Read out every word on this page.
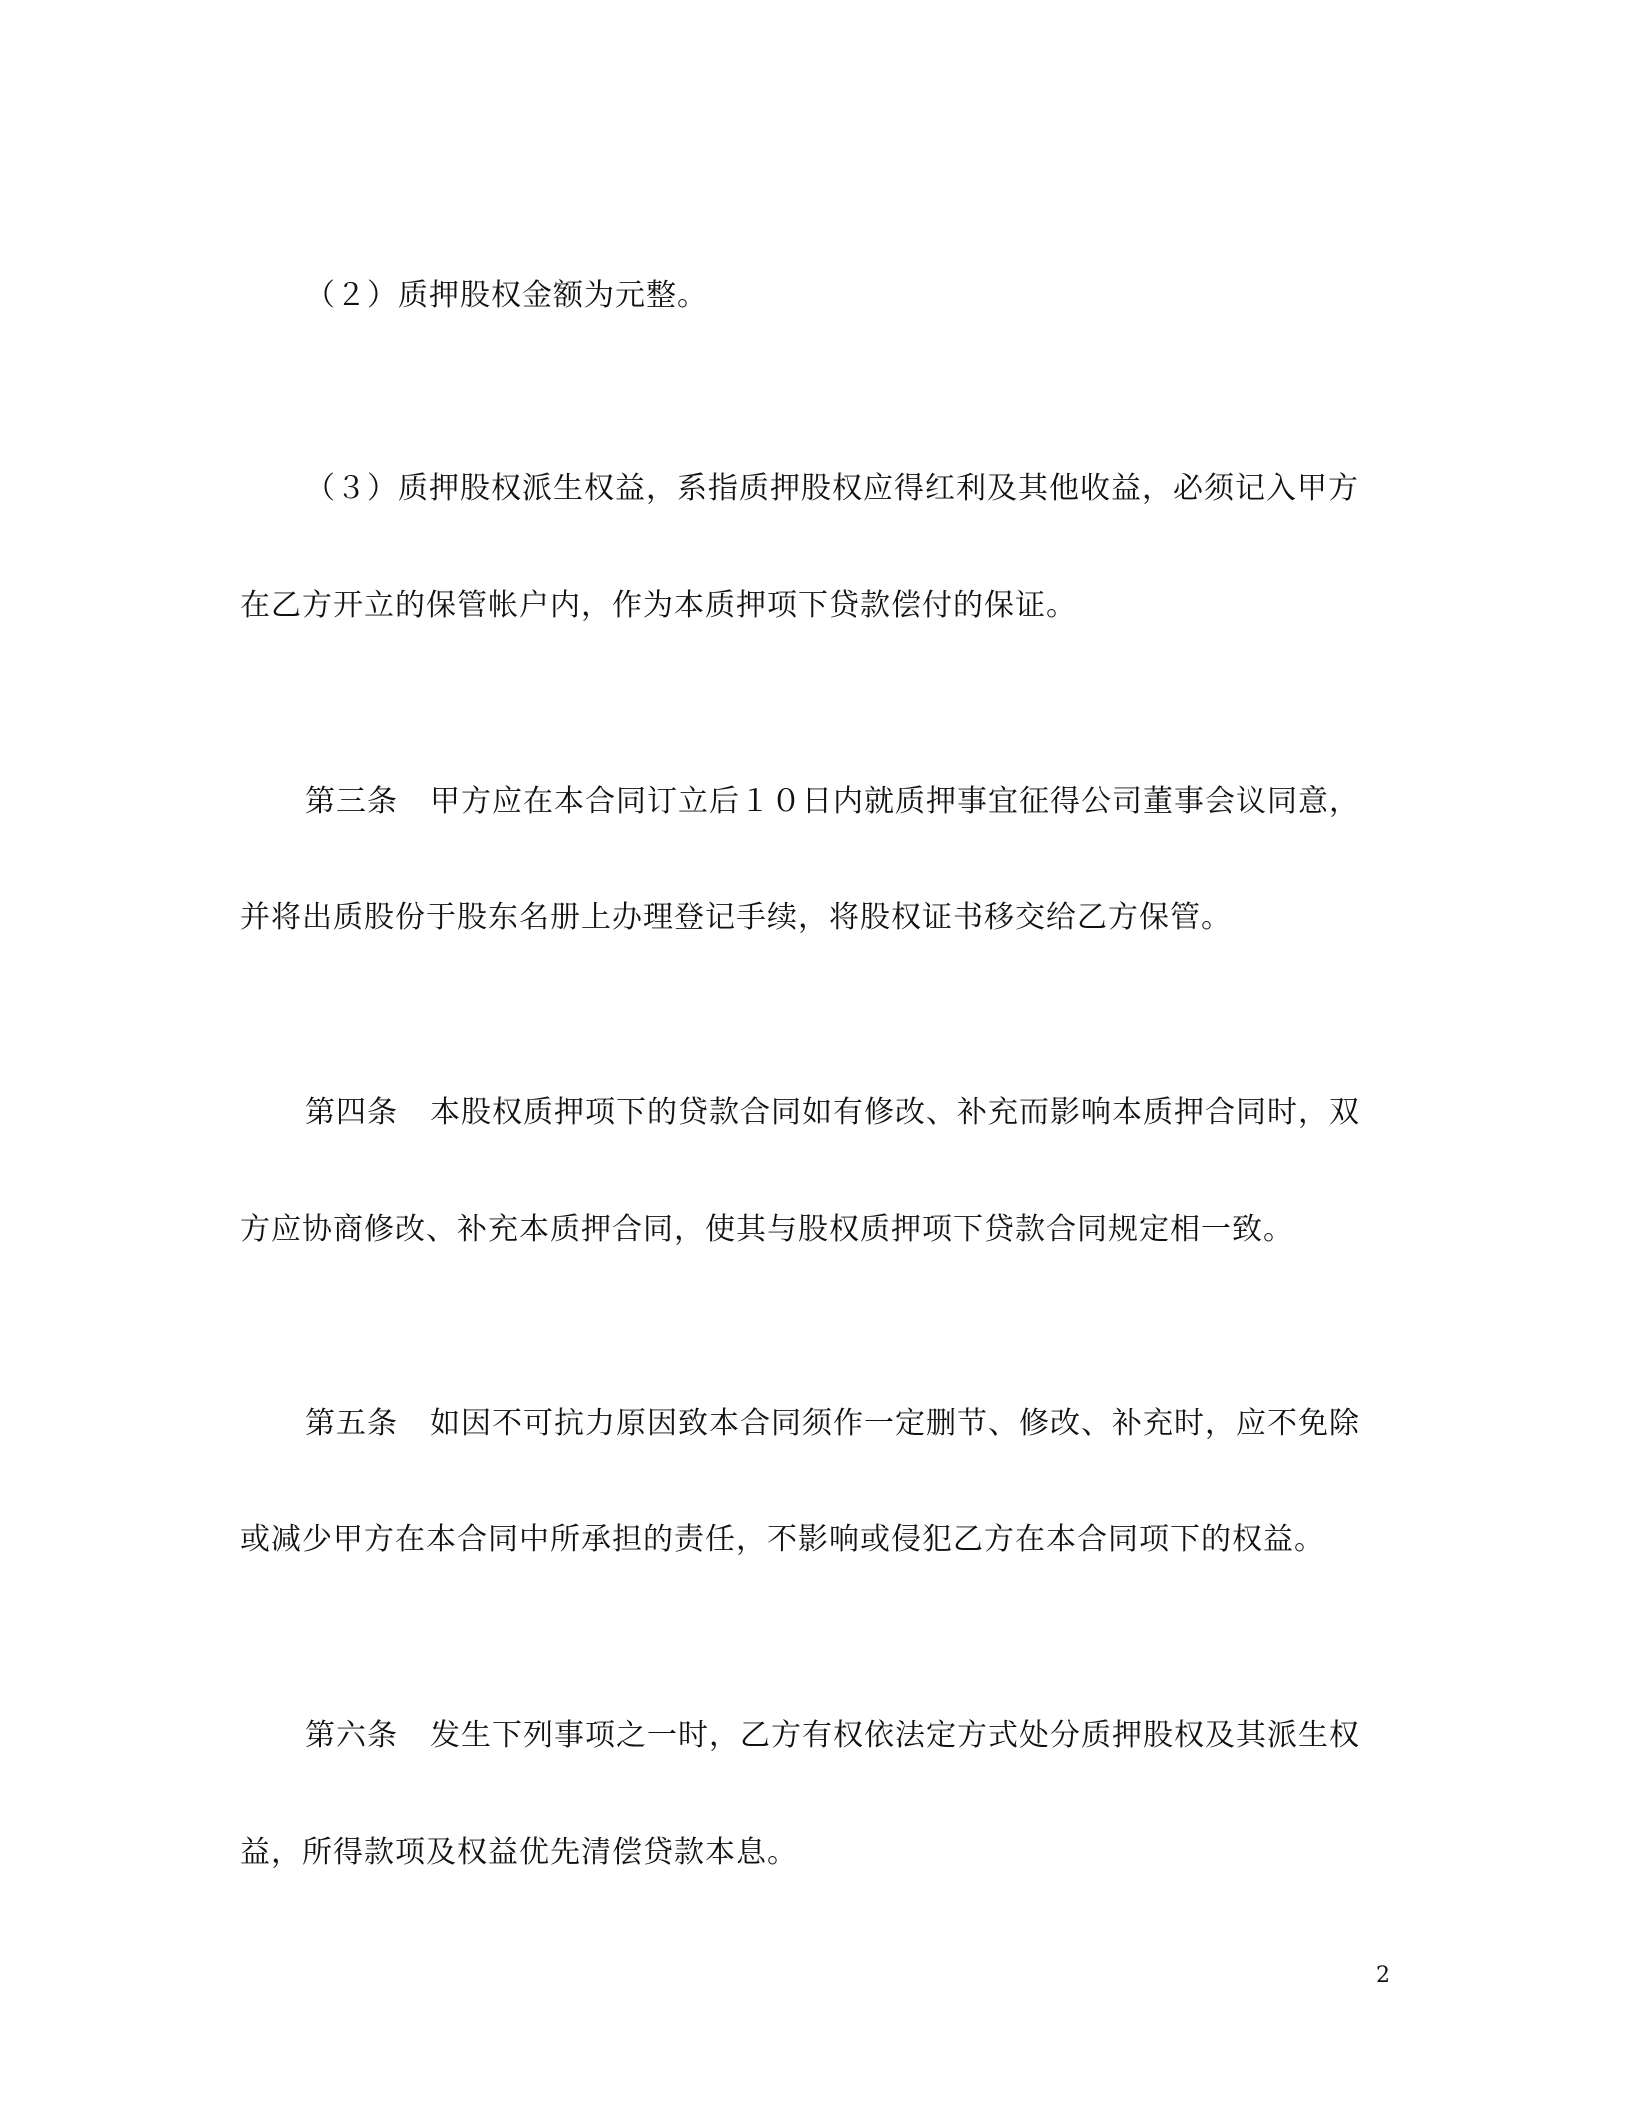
（２）质押股权金额为元整。
（３）质押股权派生权益，系指质押股权应得红利及其他收益，必须记入甲方
在乙方开立的保管帐户内，作为本质押项下贷款偿付的保证。
第三条 甲方应在本合同订立后１０日内就质押事宜征得公司董事会议同意，
并将出质股份于股东名册上办理登记手续，将股权证书移交给乙方保管。
第四条 本股权质押项下的贷款合同如有修改、补充而影响本质押合同时，双
方应协商修改、补充本质押合同，使其与股权质押项下贷款合同规定相一致。
第五条 如因不可抗力原因致本合同须作一定删节、修改、补充时，应不免除
或减少甲方在本合同中所承担的责任，不影响或侵犯乙方在本合同项下的权益。
第六条 发生下列事项之一时，乙方有权依法定方式处分质押股权及其派生权
益，所得款项及权益优先清偿贷款本息。
2
